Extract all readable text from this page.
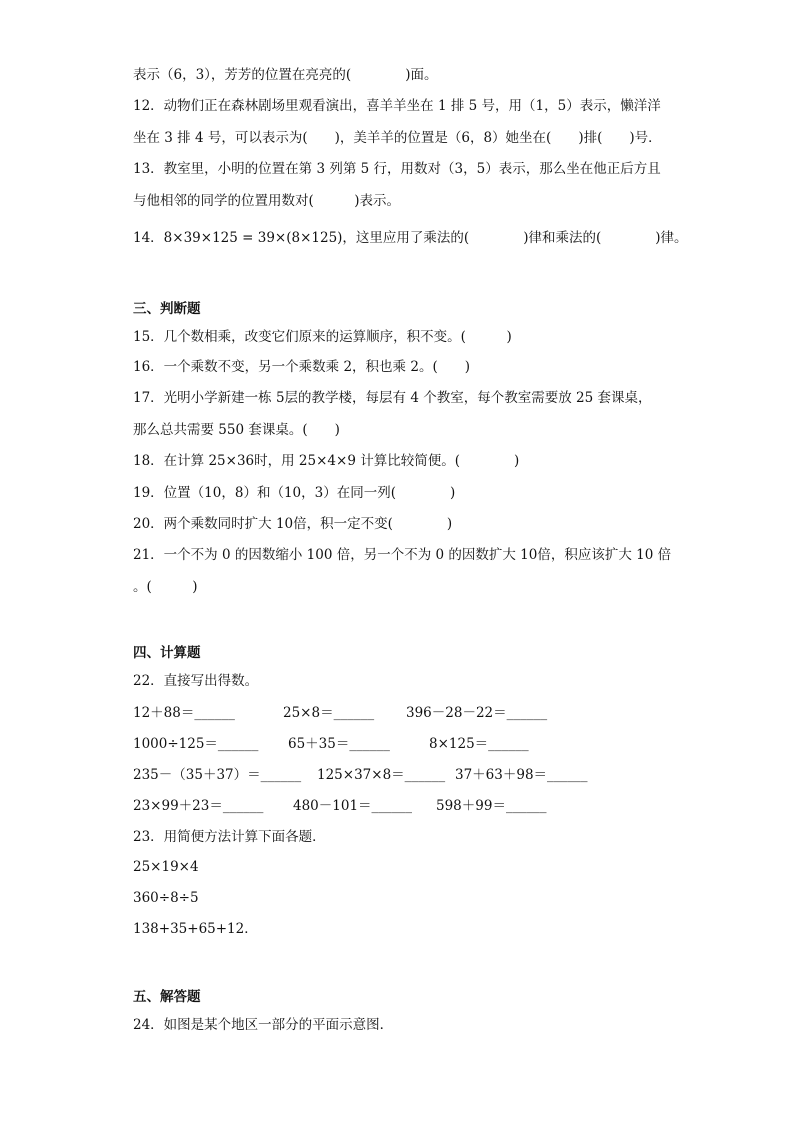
表示（6，3），芳芳的位置在亮亮的(　　　　)面。
12．动物们正在森林剧场里观看演出，喜羊羊坐在 1 排 5 号，用（1，5）表示，懒洋洋
坐在 3 排 4 号，可以表示为(　　)，美羊羊的位置是（6，8）她坐在(　　)排(　　)号．
13．教室里，小明的位置在第 3 列第 5 行，用数对（3，5）表示，那么坐在他正后方且
与他相邻的同学的位置用数对(　　　)表示。
14．8×39×125 = 39×(8×125)，这里应用了乘法的(　　　　)律和乘法的(　　　　)律。
三、判断题
15．几个数相乘，改变它们原来的运算顺序，积不变。(　　　)
16．一个乘数不变，另一个乘数乘 2，积也乘 2。(　　)
17．光明小学新建一栋 5层的教学楼，每层有 4 个教室，每个教室需要放 25 套课桌，
那么总共需要 550 套课桌。(　　)
18．在计算 25×36时，用 25×4×9 计算比较简便。(　　　　)
19．位置（10，8）和（10，3）在同一列(　　　　)
20．两个乘数同时扩大 10倍，积一定不变(　　　　)
21．一个不为 0 的因数缩小 100 倍，另一个不为 0 的因数扩大 10倍，积应该扩大 10 倍
。(　　　)
四、计算题
22．直接写出得数。
12＋88＝______	25×8＝______ 396－28－22＝______
1000÷125＝______ 65＋35＝______	8×125＝______
235－（35＋37）＝______ 125×37×8＝______ 37＋63＋98＝______
23×99＋23＝______ 480－101＝______ 598＋99＝______
23．用简便方法计算下面各题．
25×19×4
360÷8÷5
138+35+65+12．
五、解答题
24．如图是某个地区一部分的平面示意图．
